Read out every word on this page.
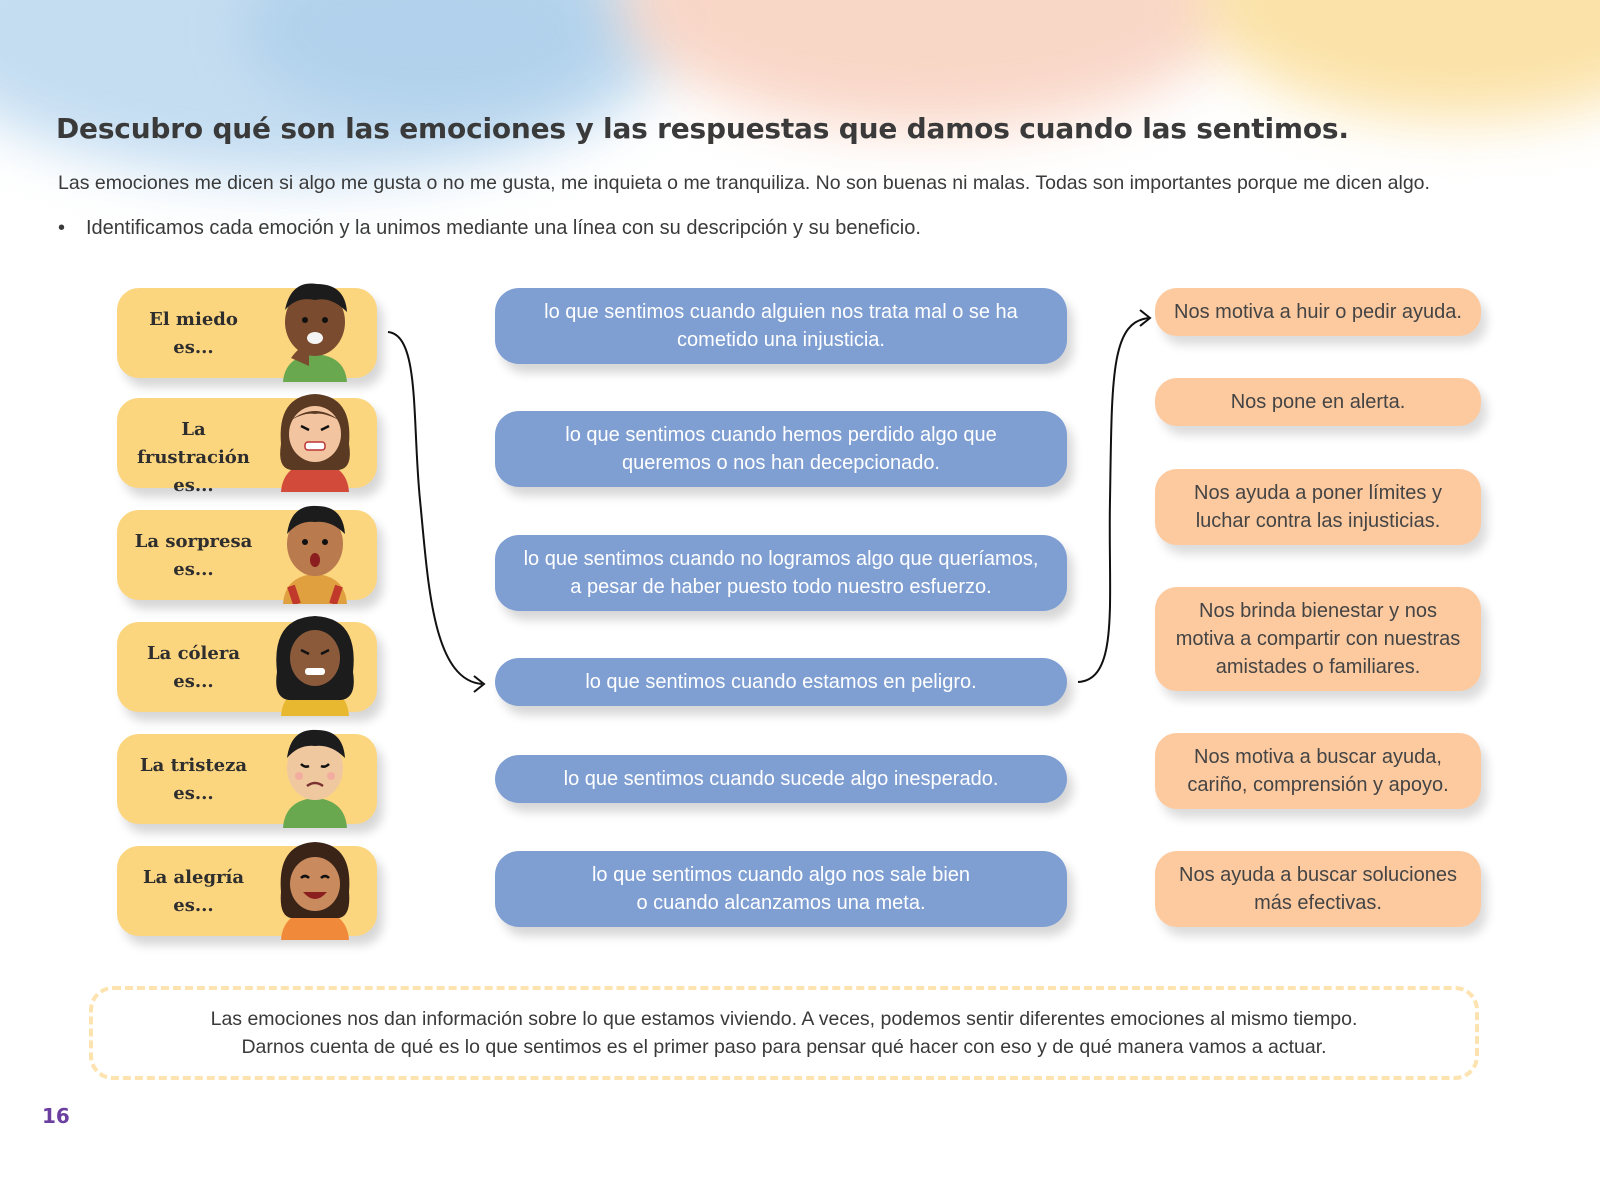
Descubro qué son las emociones y las respuestas que damos cuando las sentimos.

Las emociones me dicen si algo me gusta o no me gusta, me inquieta o me tranquiliza. No son buenas ni malas. Todas son importantes porque me dicen algo.

• Identificamos cada emoción y la unimos mediante una línea con su descripción y su beneficio.

El miedo
es...
La frustración
es...
La sorpresa
es...
La cólera
es...
La tristeza
es...
La alegría
es...
lo que sentimos cuando alguien nos trata mal o se ha
cometido una injusticia.
lo que sentimos cuando hemos perdido algo que
queremos o nos han decepcionado.
lo que sentimos cuando no logramos algo que queríamos,
a pesar de haber puesto todo nuestro esfuerzo.
lo que sentimos cuando estamos en peligro.
lo que sentimos cuando sucede algo inesperado.
lo que sentimos cuando algo nos sale bien
o cuando alcanzamos una meta.
Nos motiva a huir o pedir ayuda.
Nos pone en alerta.
Nos ayuda a poner límites y
luchar contra las injusticias.
Nos brinda bienestar y nos
motiva a compartir con nuestras
amistades o familiares.
Nos motiva a buscar ayuda,
cariño, comprensión y apoyo.
Nos ayuda a buscar soluciones
más efectivas.
Las emociones nos dan información sobre lo que estamos viviendo. A veces, podemos sentir diferentes emociones al mismo tiempo.
Darnos cuenta de qué es lo que sentimos es el primer paso para pensar qué hacer con eso y de qué manera vamos a actuar.
16
